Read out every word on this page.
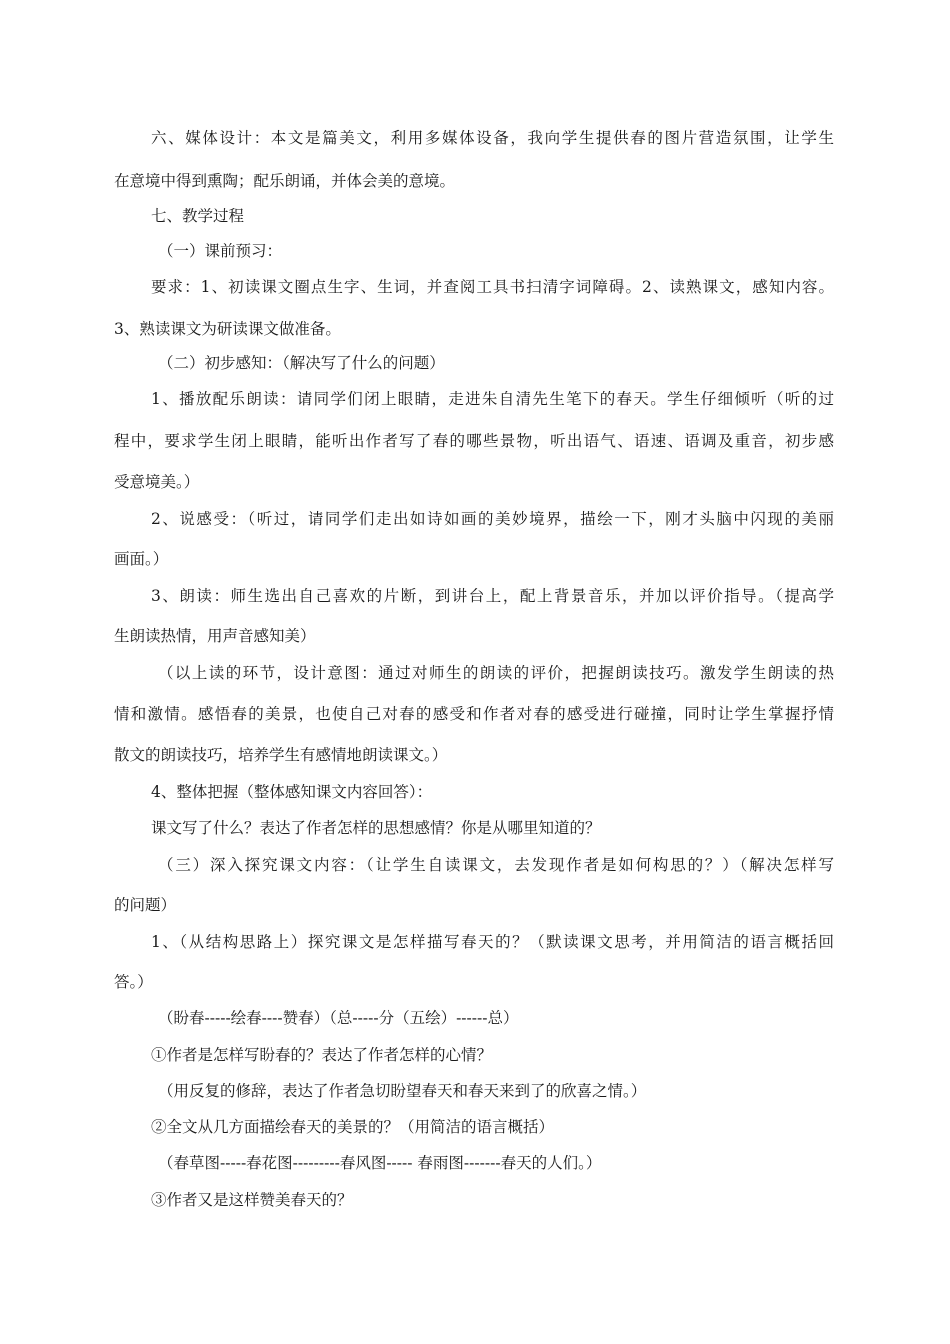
六、媒体设计：本文是篇美文，利用多媒体设备，我向学生提供春的图片营造氛围，让学生
在意境中得到熏陶；配乐朗诵，并体会美的意境。
七、教学过程
（一）课前预习：
要求：1、初读课文圈点生字、生词，并查阅工具书扫清字词障碍。2、读熟课文，感知内容。
3、熟读课文为研读课文做准备。
（二）初步感知：（解决写了什么的问题）
1、播放配乐朗读：请同学们闭上眼睛，走进朱自清先生笔下的春天。学生仔细倾听（听的过
程中，要求学生闭上眼睛，能听出作者写了春的哪些景物，听出语气、语速、语调及重音，初步感
受意境美。）
2、说感受：（听过，请同学们走出如诗如画的美妙境界，描绘一下，刚才头脑中闪现的美丽
画面。）
3、朗读：师生选出自己喜欢的片断，到讲台上，配上背景音乐，并加以评价指导。（提高学
生朗读热情，用声音感知美）
（以上读的环节，设计意图：通过对师生的朗读的评价，把握朗读技巧。激发学生朗读的热
情和激情。感悟春的美景，也使自己对春的感受和作者对春的感受进行碰撞，同时让学生掌握抒情
散文的朗读技巧，培养学生有感情地朗读课文。）
4、整体把握（整体感知课文内容回答）：
课文写了什么？表达了作者怎样的思想感情？你是从哪里知道的？
（三）深入探究课文内容：（让学生自读课文，去发现作者是如何构思的？）（解决怎样写
的问题）
1、（从结构思路上）探究课文是怎样描写春天的？（默读课文思考，并用简洁的语言概括回
答。）
（盼春-----绘春----赞春）（总-----分（五绘）------总）
①作者是怎样写盼春的？表达了作者怎样的心情？
（用反复的修辞，表达了作者急切盼望春天和春天来到了的欣喜之情。）
②全文从几方面描绘春天的美景的？（用简洁的语言概括）
（春草图-----春花图---------春风图----- 春雨图-------春天的人们。）
③作者又是这样赞美春天的？
